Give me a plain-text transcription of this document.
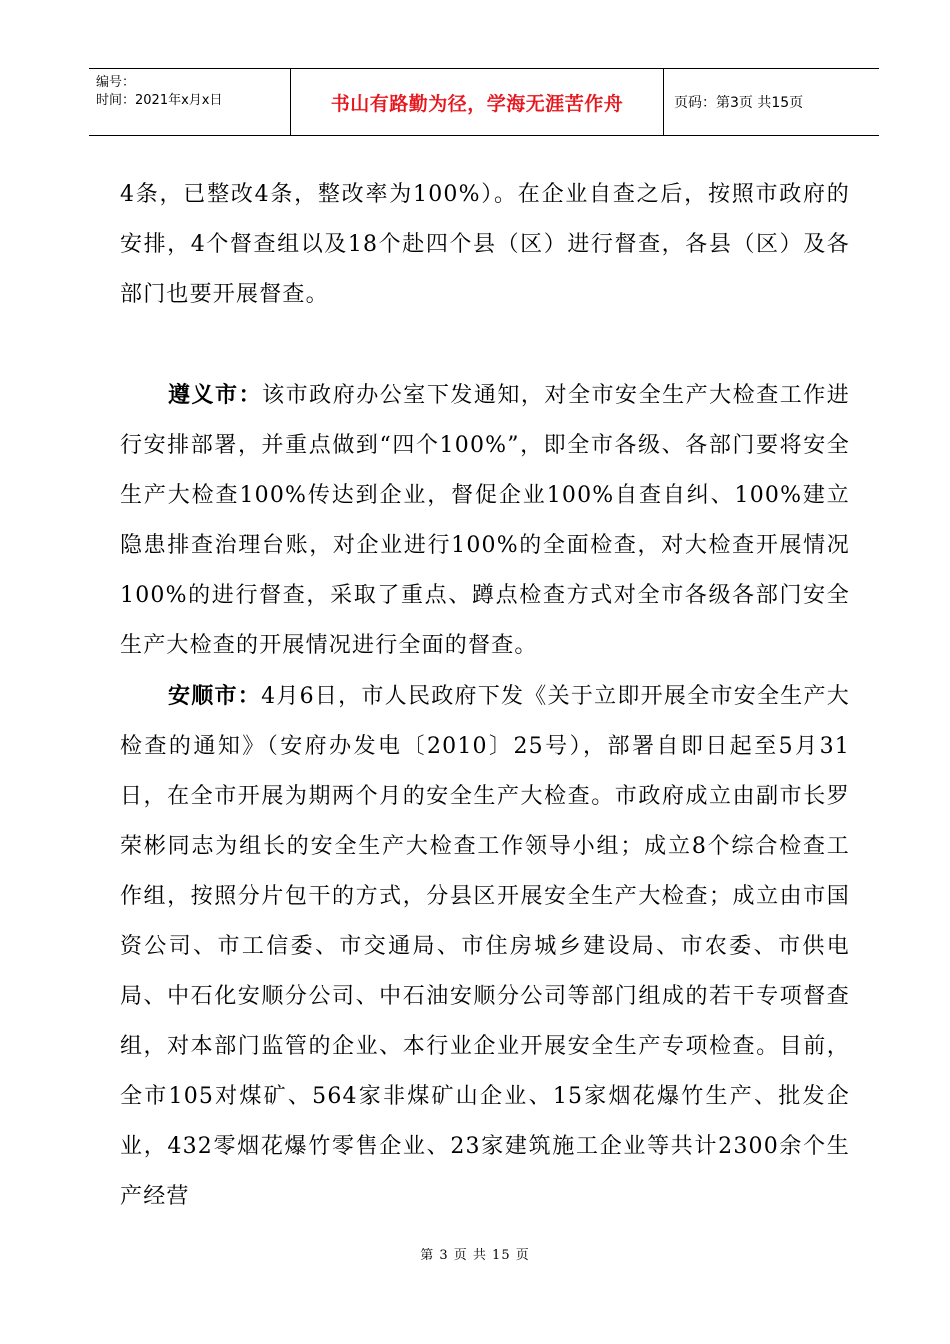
编号：
时间：2021年x月x日	书山有路勤为径，学海无涯苦作舟	页码：第3页 共15页

4条，已整改4条，整改率为100%）。在企业自查之后，按照市政府的安排，4个督查组以及18个赴四个县（区）进行督查，各县（区）及各部门也要开展督查。

遵义市：该市政府办公室下发通知，对全市安全生产大检查工作进行安排部署，并重点做到“四个100%”，即全市各级、各部门要将安全生产大检查100%传达到企业，督促企业100%自查自纠、100%建立隐患排查治理台账，对企业进行100%的全面检查，对大检查开展情况100%的进行督查，采取了重点、蹲点检查方式对全市各级各部门安全生产大检查的开展情况进行全面的督查。

安顺市：4月6日，市人民政府下发《关于立即开展全市安全生产大检查的通知》（安府办发电〔2010〕25号），部署自即日起至5月31日，在全市开展为期两个月的安全生产大检查。市政府成立由副市长罗荣彬同志为组长的安全生产大检查工作领导小组；成立8个综合检查工作组，按照分片包干的方式，分县区开展安全生产大检查；成立由市国资公司、市工信委、市交通局、市住房城乡建设局、市农委、市供电局、中石化安顺分公司、中石油安顺分公司等部门组成的若干专项督查组，对本部门监管的企业、本行业企业开展安全生产专项检查。目前，全市105对煤矿、564家非煤矿山企业、15家烟花爆竹生产、批发企业，432零烟花爆竹零售企业、23家建筑施工企业等共计2300余个生产经营

第 3 页 共 15 页
